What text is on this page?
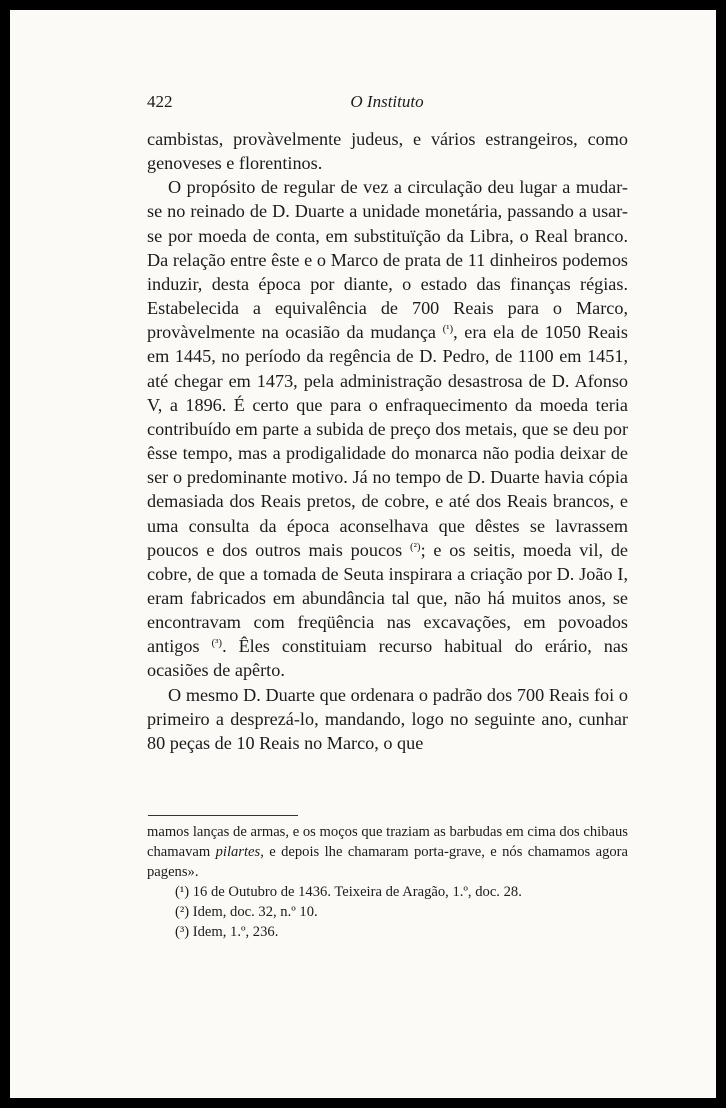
O Instituto
422

cambistas, provàvelmente judeus, e vários estrangeiros, como genoveses e florentinos.

O propósito de regular de vez a circulação deu lugar a mudar-se no reinado de D. Duarte a unidade monetária, passando a usar-se por moeda de conta, em substituïção da Libra, o Real branco. Da relação entre êste e o Marco de prata de 11 dinheiros podemos induzir, desta época por diante, o estado das finanças régias. Estabelecida a equivalência de 700 Reais para o Marco, provàvelmente na ocasião da mudança $^{(^1)}$, era ela de 1050 Reais em 1445, no período da regência de D. Pedro, de 1100 em 1451, até chegar em 1473, pela administração desastrosa de D. Afonso V, a 1896. É certo que para o enfraquecimento da moeda teria contribuído em parte a subida de preço dos metais, que se deu por êsse tempo, mas a prodigalidade do monarca não podia deixar de ser o predominante motivo. Já no tempo de D. Duarte havia cópia demasiada dos Reais pretos, de cobre, e até dos Reais brancos, e uma consulta da época aconselhava que dêstes se lavrassem poucos e dos outros mais poucos $^{(^2)}$; e os seitis, moeda vil, de cobre, de que a tomada de Seuta inspirara a criação por D. João I, eram fabricados em abundância tal que, não há muitos anos, se encontravam com freqüência nas excavações, em povoados antigos $^{(^3)}$. Êles constituiam recurso habitual do erário, nas ocasiões de apêrto.

O mesmo D. Duarte que ordenara o padrão dos 700 Reais foi o primeiro a desprezá-lo, mandando, logo no seguinte ano, cunhar 80 peças de 10 Reais no Marco, o que

mamos lanças de armas, e os moços que traziam as barbudas em cima dos chibaus chamavam pilartes, e depois lhe chamaram porta-grave, e nós chamamos agora pagens».

(¹) 16 de Outubro de 1436. Teixeira de Aragão, 1.º, doc. 28.

(²) Idem, doc. 32, n.º 10.

(³) Idem, 1.º, 236.
